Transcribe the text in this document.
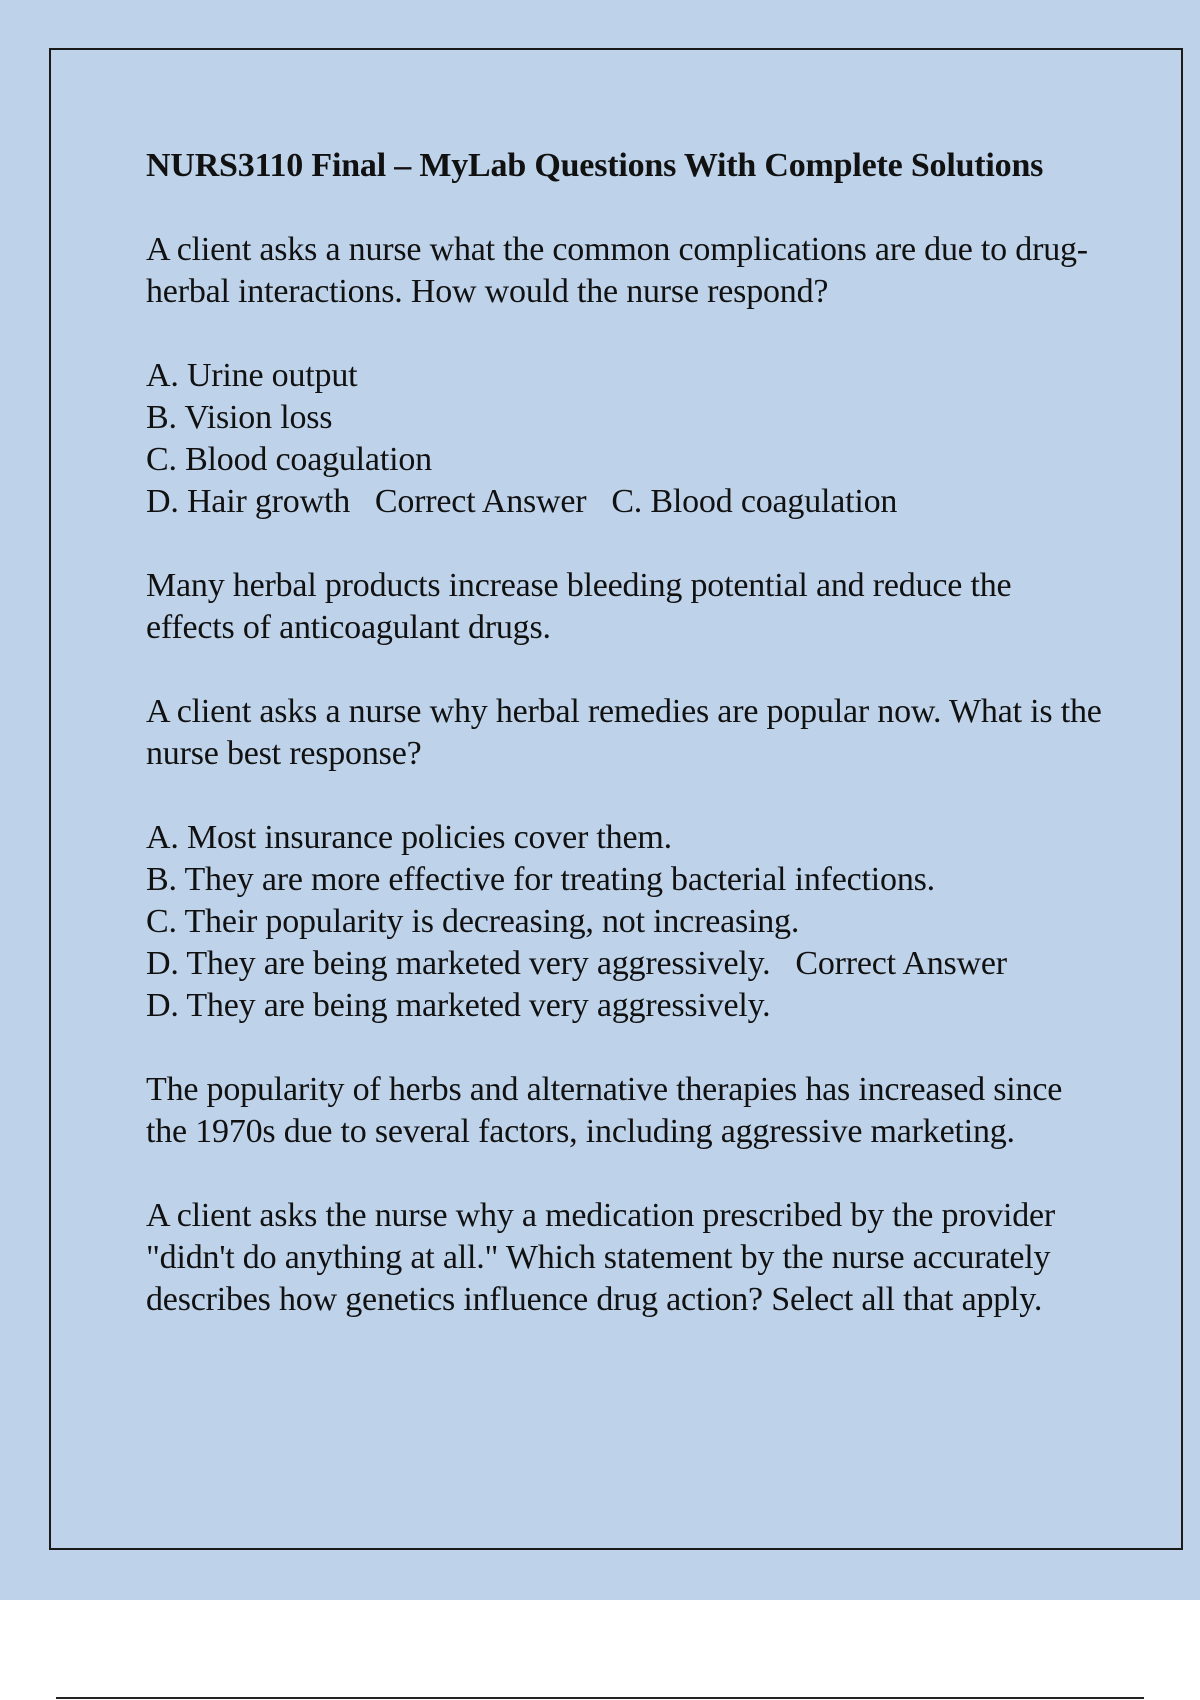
NURS3110 Final – MyLab Questions With Complete Solutions

A client asks a nurse what the common complications are due to drug-herbal interactions. How would the nurse respond?

A. Urine output
B. Vision loss
C. Blood coagulation
D. Hair growth   Correct Answer   C. Blood coagulation

Many herbal products increase bleeding potential and reduce the effects of anticoagulant drugs.

A client asks a nurse why herbal remedies are popular now. What is the nurse best response?

A. Most insurance policies cover them.
B. They are more effective for treating bacterial infections.
C. Their popularity is decreasing, not increasing.
D. They are being marketed very aggressively.   Correct Answer
D. They are being marketed very aggressively.

The popularity of herbs and alternative therapies has increased since the 1970s due to several factors, including aggressive marketing.

A client asks the nurse why a medication prescribed by the provider "didn't do anything at all." Which statement by the nurse accurately describes how genetics influence drug action? Select all that apply.
